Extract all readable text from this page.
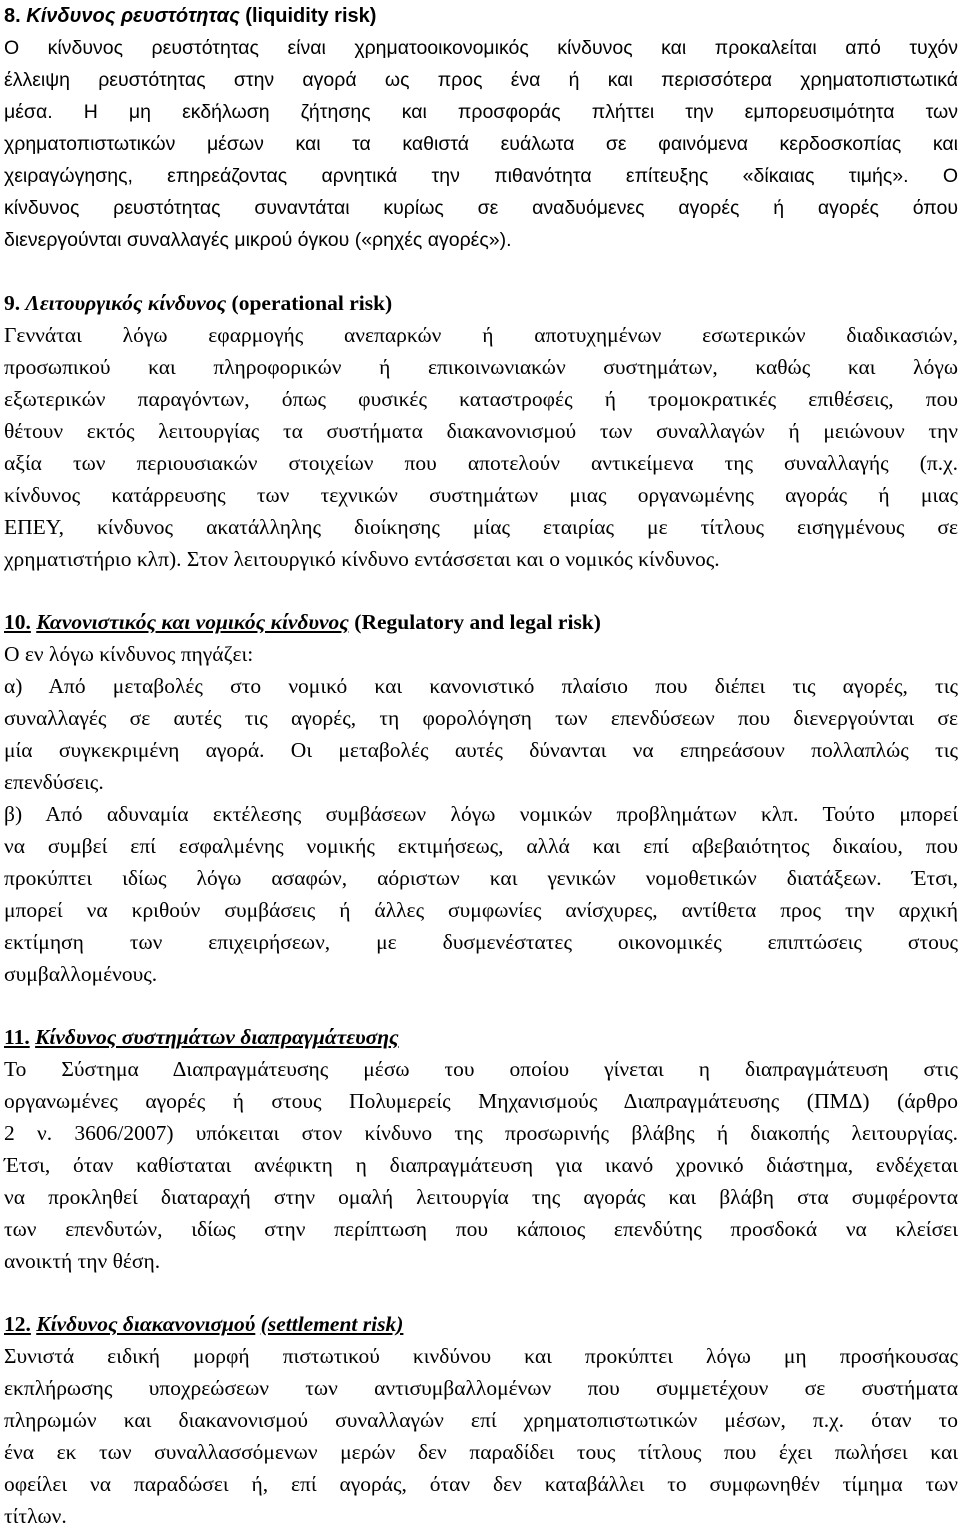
8. Κίνδυνος ρευστότητας (liquidity risk)
Ο κίνδυνος ρευστότητας είναι χρηματοοικονομικός κίνδυνος και προκαλείται από τυχόν
έλλειψη ρευστότητας στην αγορά ως προς ένα ή και περισσότερα χρηματοπιστωτικά
μέσα. Η μη εκδήλωση ζήτησης και προσφοράς πλήττει την εμπορευσιμότητα των
χρηματοπιστωτικών μέσων και τα καθιστά ευάλωτα σε φαινόμενα κερδοσκοπίας και
χειραγώγησης, επηρεάζοντας αρνητικά την πιθανότητα επίτευξης «δίκαιας τιμής». Ο
κίνδυνος ρευστότητας συναντάται κυρίως σε αναδυόμενες αγορές ή αγορές όπου
διενεργούνται συναλλαγές μικρού όγκου («ρηχές αγορές»).
9. Λειτουργικός κίνδυνος (operational risk)
Γεννάται λόγω εφαρμογής ανεπαρκών ή αποτυχημένων εσωτερικών διαδικασιών,
προσωπικού και πληροφορικών ή επικοινωνιακών συστημάτων, καθώς και λόγω
εξωτερικών παραγόντων, όπως φυσικές καταστροφές ή τρομοκρατικές επιθέσεις, που
θέτουν εκτός λειτουργίας τα συστήματα διακανονισμού των συναλλαγών ή μειώνουν την
αξία των περιουσιακών στοιχείων που αποτελούν αντικείμενα της συναλλαγής (π.χ.
κίνδυνος κατάρρευσης των τεχνικών συστημάτων μιας οργανωμένης αγοράς ή μιας
ΕΠΕΥ, κίνδυνος ακατάλληλης διοίκησης μίας εταιρίας με τίτλους εισηγμένους σε
χρηματιστήριο κλπ). Στον λειτουργικό κίνδυνο εντάσσεται και ο νομικός κίνδυνος.
10. Κανονιστικός και νομικός κίνδυνος (Regulatory and legal risk)
Ο εν λόγω κίνδυνος πηγάζει:
α) Από μεταβολές στο νομικό και κανονιστικό πλαίσιο που διέπει τις αγορές, τις
συναλλαγές σε αυτές τις αγορές, τη φορολόγηση των επενδύσεων που διενεργούνται σε
μία συγκεκριμένη αγορά. Οι μεταβολές αυτές δύνανται να επηρεάσουν πολλαπλώς τις
επενδύσεις.
β) Από αδυναμία εκτέλεσης συμβάσεων λόγω νομικών προβλημάτων κλπ. Τούτο μπορεί
να συμβεί επί εσφαλμένης νομικής εκτιμήσεως, αλλά και επί αβεβαιότητος δικαίου, που
προκύπτει ιδίως λόγω ασαφών, αόριστων και γενικών νομοθετικών διατάξεων. Έτσι,
μπορεί να κριθούν συμβάσεις ή άλλες συμφωνίες ανίσχυρες, αντίθετα προς την αρχική
εκτίμηση των επιχειρήσεων, με δυσμενέστατες οικονομικές επιπτώσεις στους
συμβαλλομένους.
11. Κίνδυνος συστημάτων διαπραγμάτευσης
Το Σύστημα Διαπραγμάτευσης μέσω του οποίου γίνεται η διαπραγμάτευση στις
οργανωμένες αγορές ή στους Πολυμερείς Μηχανισμούς Διαπραγμάτευσης (ΠΜΔ) (άρθρο
2 ν. 3606/2007) υπόκειται στον κίνδυνο της προσωρινής βλάβης ή διακοπής λειτουργίας.
Έτσι, όταν καθίσταται ανέφικτη η διαπραγμάτευση για ικανό χρονικό διάστημα, ενδέχεται
να προκληθεί διαταραχή στην ομαλή λειτουργία της αγοράς και βλάβη στα συμφέροντα
των επενδυτών, ιδίως στην περίπτωση που κάποιος επενδύτης προσδοκά να κλείσει
ανοικτή την θέση.
12. Κίνδυνος διακανονισμού (settlement risk)
Συνιστά ειδική μορφή πιστωτικού κινδύνου και προκύπτει λόγω μη προσήκουσας
εκπλήρωσης υποχρεώσεων των αντισυμβαλλομένων που συμμετέχουν σε συστήματα
πληρωμών και διακανονισμού συναλλαγών επί χρηματοπιστωτικών μέσων, π.χ. όταν το
ένα εκ των συναλλασσόμενων μερών δεν παραδίδει τους τίτλους που έχει πωλήσει και
οφείλει να παραδώσει ή, επί αγοράς, όταν δεν καταβάλλει το συμφωνηθέν τίμημα των
τίτλων.
